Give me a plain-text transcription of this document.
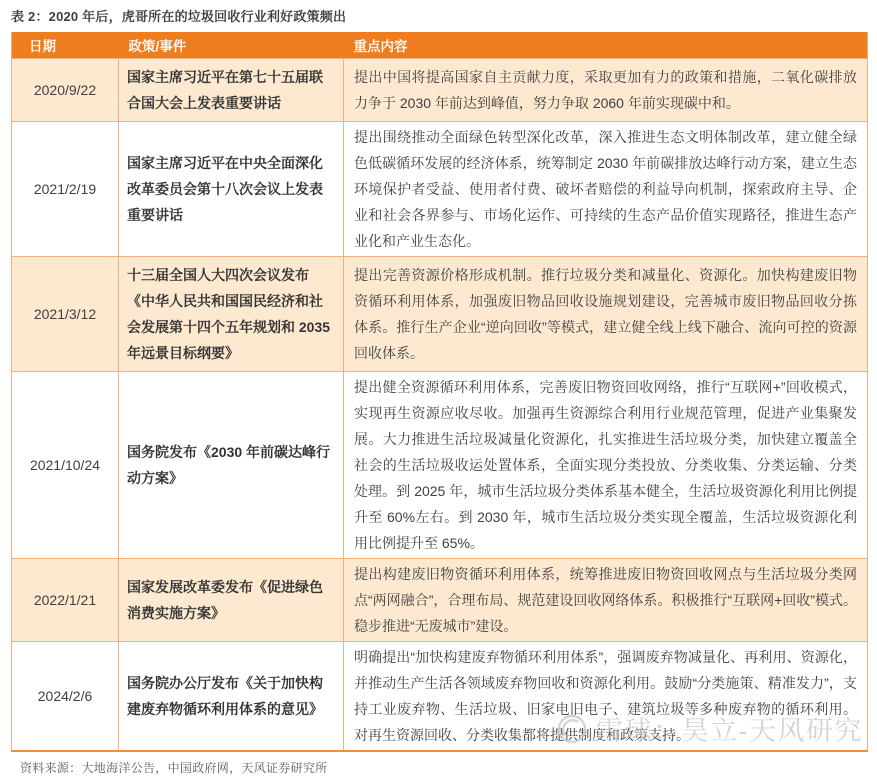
表 2：2020 年后，虎哥所在的垃圾回收行业利好政策频出
日期	政策/事件	重点内容
2020/9/22	国家主席习近平在第七十五届联合国大会上发表重要讲话	提出中国将提高国家自主贡献力度，采取更加有力的政策和措施，二氧化碳排放力争于 2030 年前达到峰值，努力争取 2060 年前实现碳中和。
2021/2/19	国家主席习近平在中央全面深化改革委员会第十八次会议上发表重要讲话	提出围绕推动全面绿色转型深化改革，深入推进生态文明体制改革，建立健全绿色低碳循环发展的经济体系，统筹制定 2030 年前碳排放达峰行动方案，建立生态环境保护者受益、使用者付费、破坏者赔偿的利益导向机制，探索政府主导、企业和社会各界参与、市场化运作、可持续的生态产品价值实现路径，推进生态产业化和产业生态化。
2021/3/12	十三届全国人大四次会议发布《中华人民共和国国民经济和社会发展第十四个五年规划和 2035 年远景目标纲要》	提出完善资源价格形成机制。推行垃圾分类和减量化、资源化。加快构建废旧物资循环利用体系，加强废旧物品回收设施规划建设，完善城市废旧物品回收分拣体系。推行生产企业“逆向回收”等模式，建立健全线上线下融合、流向可控的资源回收体系。
2021/10/24	国务院发布《2030 年前碳达峰行动方案》	提出健全资源循环利用体系，完善废旧物资回收网络，推行“互联网+”回收模式，实现再生资源应收尽收。加强再生资源综合利用行业规范管理，促进产业集聚发展。大力推进生活垃圾减量化资源化，扎实推进生活垃圾分类，加快建立覆盖全社会的生活垃圾收运处置体系，全面实现分类投放、分类收集、分类运输、分类处理。到 2025 年，城市生活垃圾分类体系基本健全，生活垃圾资源化利用比例提升至 60%左右。到 2030 年，城市生活垃圾分类实现全覆盖，生活垃圾资源化利用比例提升至 65%。
2022/1/21	国家发展改革委发布《促进绿色消费实施方案》	提出构建废旧物资循环利用体系，统筹推进废旧物资回收网点与生活垃圾分类网点“两网融合”，合理布局、规范建设回收网络体系。积极推行“互联网+回收”模式。稳步推进“无废城市”建设。
2024/2/6	国务院办公厅发布《关于加快构建废弃物循环利用体系的意见》	明确提出“加快构建废弃物循环利用体系”，强调废弃物减量化、再利用、资源化，并推动生产生活各领域废弃物回收和资源化利用。鼓励“分类施策、精准发力”，支持工业废弃物、生活垃圾、旧家电旧电子、建筑垃圾等多种废弃物的循环利用。对再生资源回收、分类收集都将提供制度和政策支持。
资料来源：大地海洋公告，中国政府网，天风证券研究所
雪球：昊立-天风研究
